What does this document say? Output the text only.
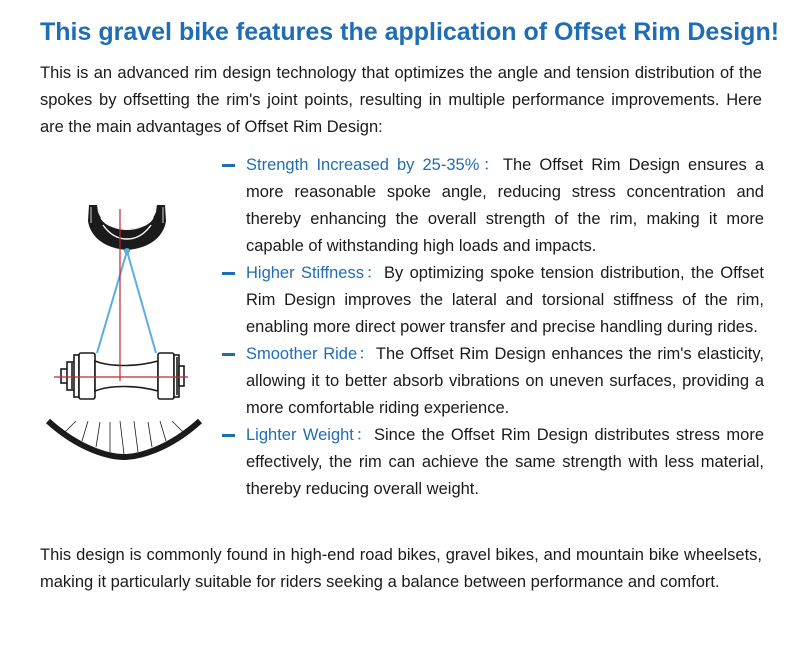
This gravel bike features the application of Offset Rim Design!

This is an advanced rim design technology that optimizes the angle and tension distribution of the spokes by offsetting the rim's joint points, resulting in multiple performance improvements. Here are the main advantages of Offset Rim Design:

Strength Increased by 25-35%：The Offset Rim Design ensures a more reasonable spoke angle, reducing stress concentration and thereby enhancing the overall strength of the rim, making it more capable of withstanding high loads and impacts.
Higher Stiffness：By optimizing spoke tension distribution, the Offset Rim Design improves the lateral and torsional stiffness of the rim, enabling more direct power transfer and precise handling during rides.
Smoother Ride：The Offset Rim Design enhances the rim's elasticity, allowing it to better absorb vibrations on uneven surfaces, providing a more comfortable riding experience.
Lighter Weight：Since the Offset Rim Design distributes stress more effectively, the rim can achieve the same strength with less material, thereby reducing overall weight.

This design is commonly found in high-end road bikes, gravel bikes, and mountain bike wheelsets, making it particularly suitable for riders seeking a balance between performance and comfort.
